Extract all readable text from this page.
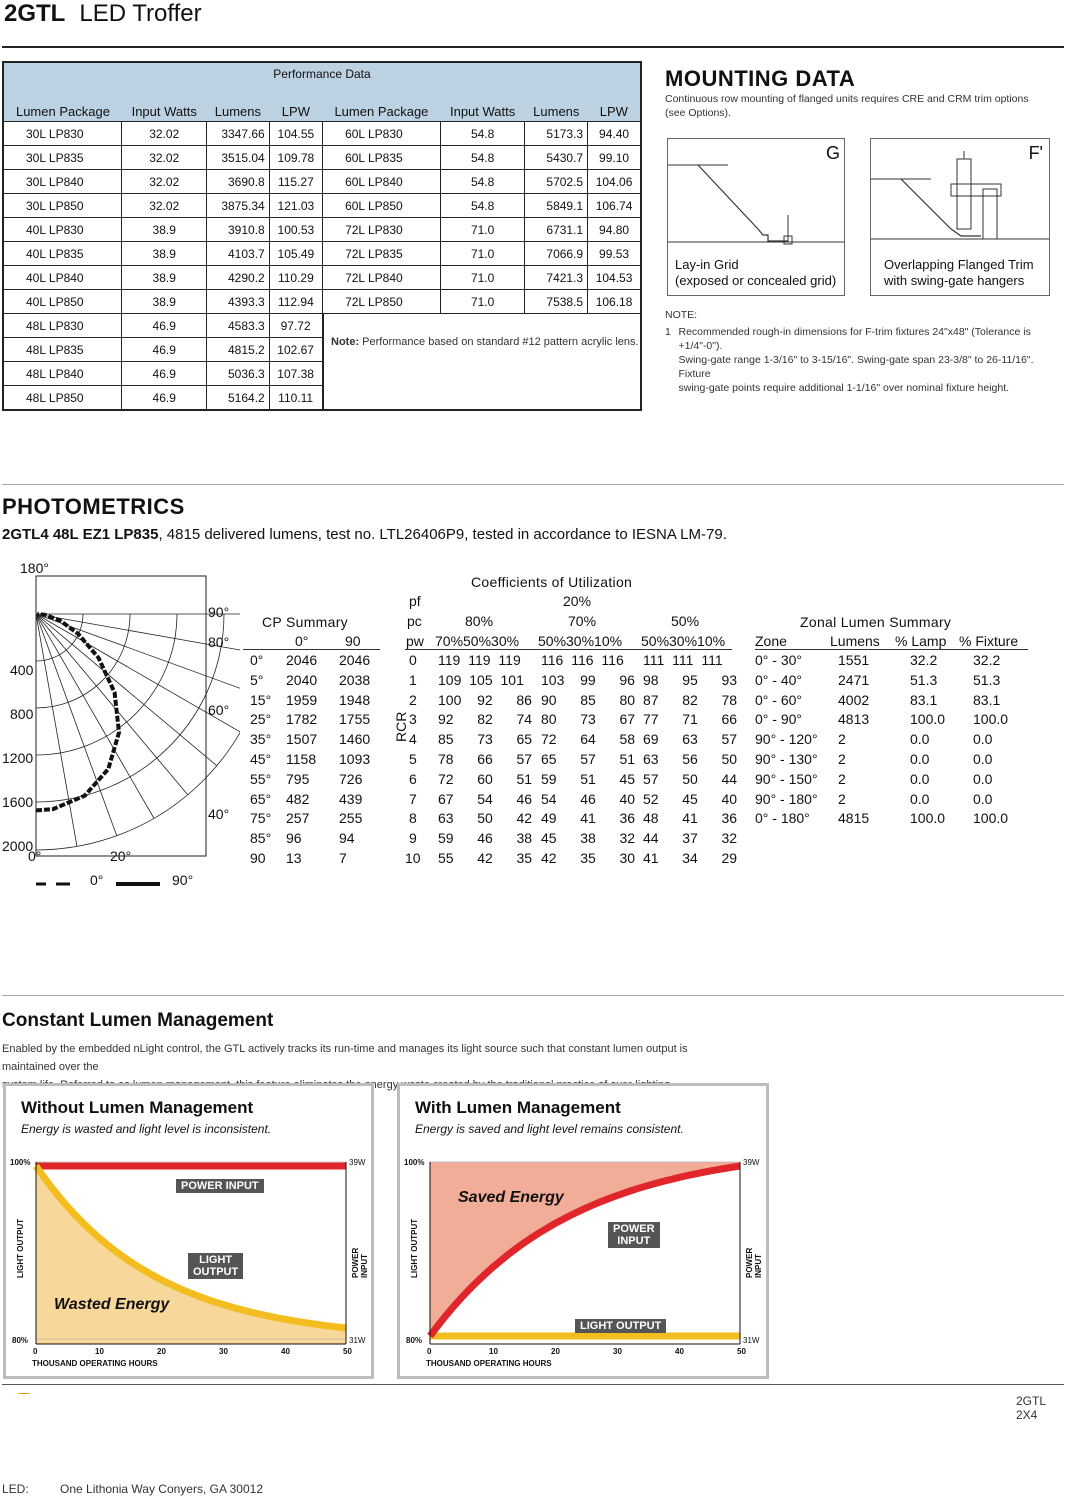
2GTL LED Troffer
Performance Data							
Lumen Package	Input Watts	Lumens	LPW	Lumen Package	Input Watts	Lumens	LPW
30L LP830	32.02	3347.66	104.55	60L LP830	54.8	5173.3	94.40
30L LP835	32.02	3515.04	109.78	60L LP835	54.8	5430.7	99.10
30L LP840	32.02	3690.8	115.27	60L LP840	54.8	5702.5	104.06
30L LP850	32.02	3875.34	121.03	60L LP850	54.8	5849.1	106.74
40L LP830	38.9	3910.8	100.53	72L LP830	71.0	6731.1	94.80
40L LP835	38.9	4103.7	105.49	72L LP835	71.0	7066.9	99.53
40L LP840	38.9	4290.2	110.29	72L LP840	71.0	7421.3	104.53
40L LP850	38.9	4393.3	112.94	72L LP850	71.0	7538.5	106.18
48L LP830	46.9	4583.3	97.72				
48L LP835	46.9	4815.2	102.67				
48L LP840	46.9	5036.3	107.38				
48L LP850	46.9	5164.2	110.11				
Note: Performance based on standard #12 pattern acrylic lens.
MOUNTING DATA
Continuous row mounting of flanged units requires CRE and CRM trim options
(see Options).
G
Lay-in Grid
(exposed or concealed grid)
F'
Overlapping Flanged Trim
with swing-gate hangers
NOTE:
1 Recommended rough-in dimensions for F-trim fixtures 24"x48" (Tolerance is +1/4"-0").
Swing-gate range 1-3/16" to 3-15/16". Swing-gate span 23-3/8" to 26-11/16". Fixture
swing-gate points require additional 1-1/16" over nominal fixture height.
PHOTOMETRICS
2GTL4 48L EZ1 LP835, 4815 delivered lumens, test no. LTL26406P9, tested in accordance to IESNA LM-79.
180°
90°
80°
60°
40°
400
800
1200
1600
2000
0°	20°
0°	90°
CP Summary
0°	90
0° 2046 2046
5° 2040 2038
15° 1959 1948
25° 1782 1755
35° 1507 1460
45° 1158 1093
55° 795 726
65° 482 439
75° 257 255
85° 96	94
90 13	7
Coefficients of Utilization
pf	20%
pc	80%	70%	50%
pw 70%50%30% 50%30%10% 50%30%10%
RCR
0 119 119 119 116 116 116 111 111 111
1 109 105 101 103  99   96 98   95   93
2 100  92   86 90   85   80 87   82   78
3 92   82   74 80   73   67 77   71   66
4 85   73   65 72   64   58 69   63   57
5 78   66   57 65   57   51 63   56   50
6 72   60   51 59   51   45 57   50   44
7 67   54   46 54   46   40 52   45   40
8 63   50   42 49   41   36 48   41   36
9 59   46   38 45   38   32 44   37   32
10 55   42   35 42   35   30 41   34   29
Zonal Lumen Summary
Zone	Lumens % Lamp % Fixture
0° - 30°	1551	32.2	32.2
0° - 40°	2471	51.3	51.3
0° - 60°	4002	83.1	83.1
0° - 90°	4813	100.0 100.0
90° - 120° 2	0.0	0.0
90° - 130° 2	0.0	0.0
90° - 150° 2	0.0	0.0
90° - 180° 2	0.0	0.0
0° - 180° 4815	100.0 100.0
Constant Lumen Management
Enabled by the embedded nLight control, the GTL actively tracks its run-time and manages its light source such that constant lumen output is maintained over the
energy
Without Lumen Management
Energy is wasted and light level is inconsistent.
100%
80%
39W
31W
LIGHT OUTPUT	POWER INPUT
POWER INPUT
LIGHT
OUTPUT
Wasted Energy
0	10	20	30	40	50
THOUSAND OPERATING HOURS
With Lumen Management
Energy is saved and light level remains consistent.
100%
80%
39W
31W
LIGHT OUTPUT	POWER INPUT
Saved Energy
POWER
INPUT
LIGHT OUTPUT
0	10	20	30	40	50
THOUSAND OPERATING HOURS
2GTL 2X4
LED:	One Lithonia Way Conyers, GA 30012
